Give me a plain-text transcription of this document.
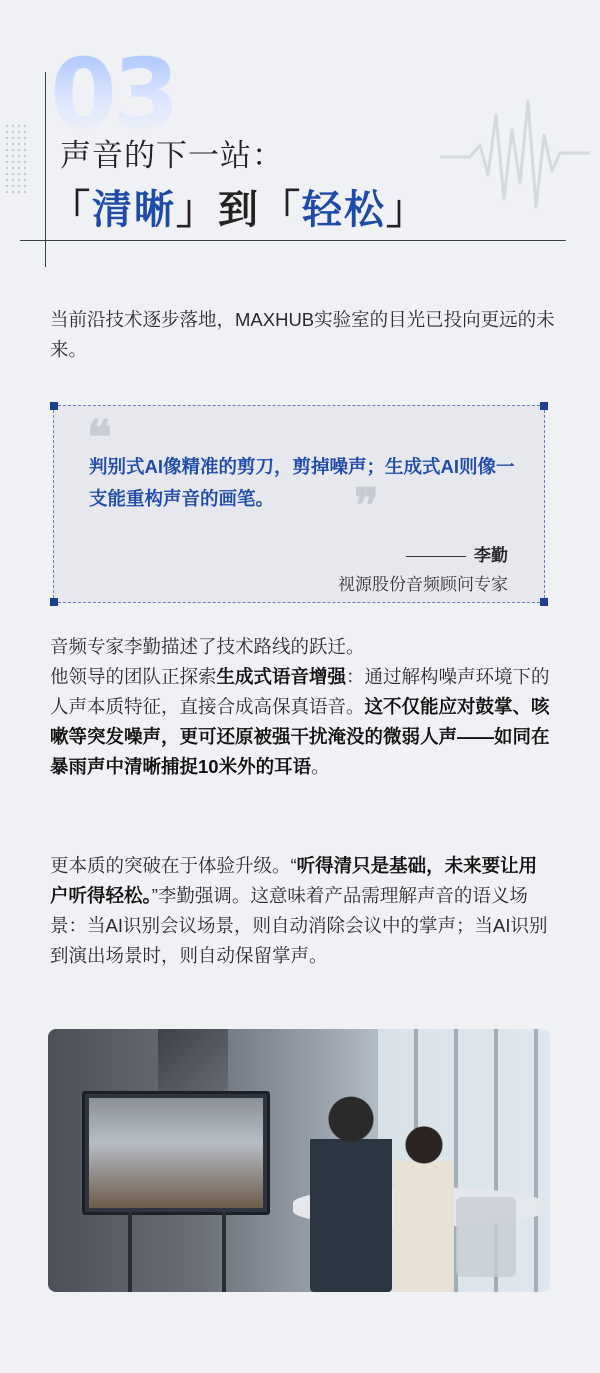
03
声音的下一站：
「清晰」到「轻松」
当前沿技术逐步落地，MAXHUB实验室的目光已投向更远的未来。
❝
判别式AI像精准的剪刀，剪掉噪声；生成式AI则像一支能重构声音的画笔。	❞
李勤
视源股份音频顾问专家
音频专家李勤描述了技术路线的跃迁。
他领导的团队正探索生成式语音增强：通过解构噪声环境下的人声本质特征，直接合成高保真语音。这不仅能应对鼓掌、咳嗽等突发噪声，更可还原被强干扰淹没的微弱人声——如同在暴雨声中清晰捕捉10米外的耳语。
更本质的突破在于体验升级。“听得清只是基础，未来要让用户听得轻松。”李勤强调。这意味着产品需理解声音的语义场景：当AI识别会议场景，则自动消除会议中的掌声；当AI识别到演出场景时，则自动保留掌声。
